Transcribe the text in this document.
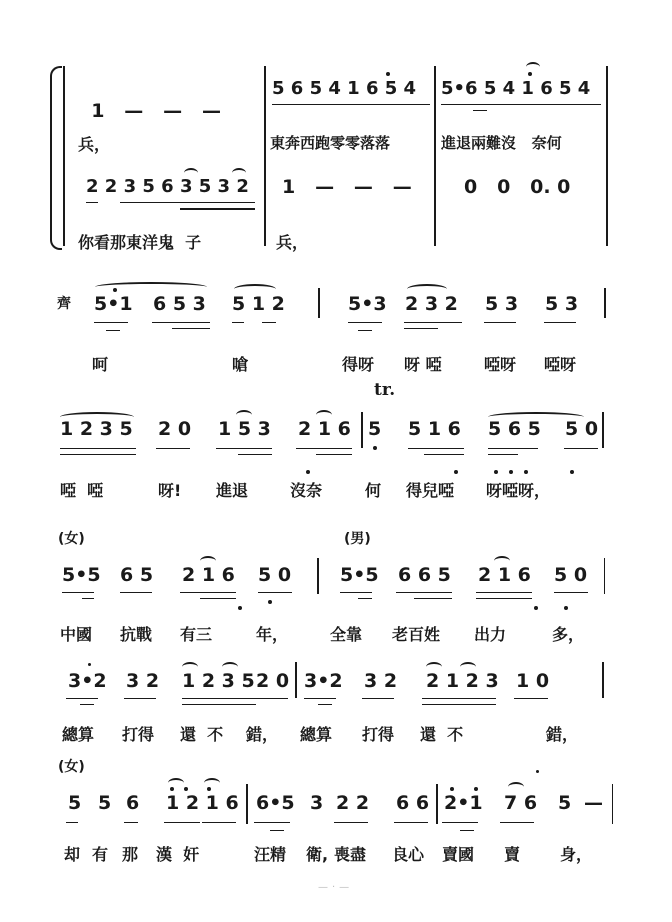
1   —   —   —

兵，
5 6 5 4 1 6 5 4
東奔西跑零零落落
5•6 5 4 1 6 5 4
進退兩難沒   奈何
2 2 3 5 6 3 5 3 2
你看那東洋鬼  子
1   —   —   —
兵，
0   0   0. 0
齊 5•1 6 5 3 5 1 2	5•3 2 3 2 5 3 5 3
呵	嗆	得呀 呀 啞	啞呀 啞呀
tr.
1 2 3 5 2 0 1 5 3 2 1 6 5 5 1 6 5 6 5 5 0
啞  啞	呀! 進退	沒奈	何 得兒啞 呀啞呀，
(女)	(男)
5•5 6 5 2 1 6 5 0	5•5 6 6 5 2 1 6 5 0
中國 抗戰 有三	年，	全靠 老百姓 出力	多，
3•2 3 2 1 2 3 5 2 0 3•2 3 2 2 1 2 3 1 0
總算 打得 還  不 錯， 總算 打得 還  不	錯，
(女)
5 5 6 1 2 1 6 6•5 3 2 2 6 6 2•1 7 6 5 —
却 有 那 漢  奸	汪精 衛, 喪盡 良心 賣國 賣 身，
—·—
